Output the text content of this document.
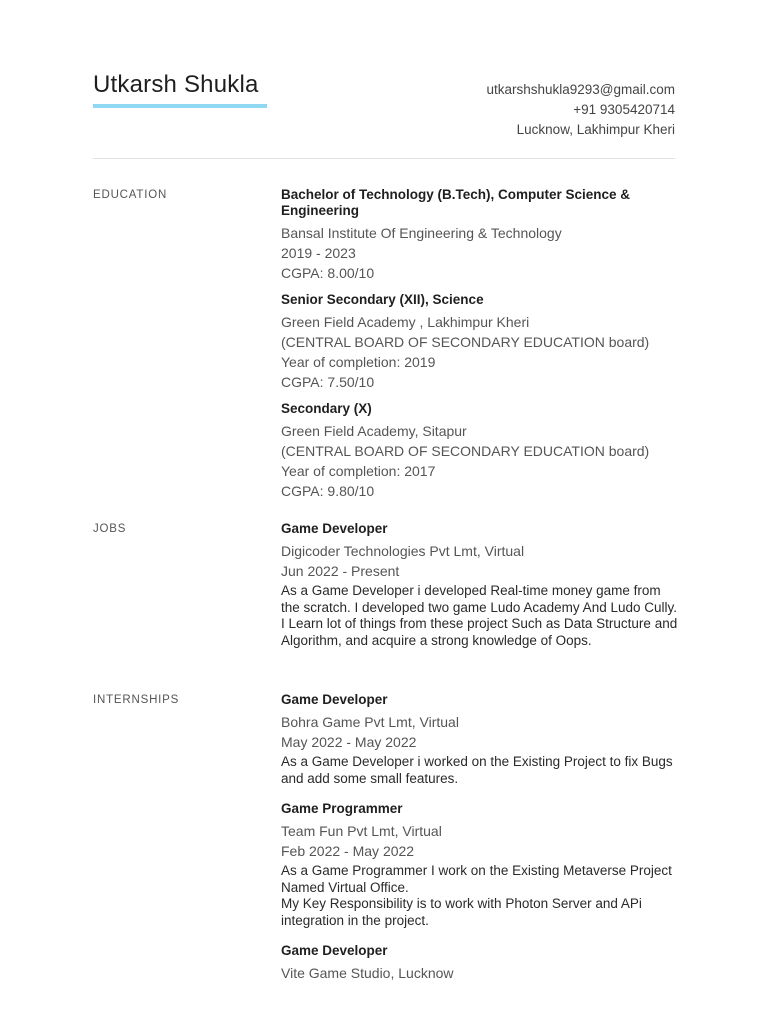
Utkarsh Shukla	utkarshshukla9293@gmail.com
+91 9305420714
Lucknow, Lakhimpur Kheri
EDUCATION	Bachelor of Technology (B.Tech), Computer Science & Engineering
Bansal Institute Of Engineering & Technology
2019 - 2023
CGPA: 8.00/10
Senior Secondary (XII), Science
Green Field Academy , Lakhimpur Kheri
(CENTRAL BOARD OF SECONDARY EDUCATION board)
Year of completion: 2019
CGPA: 7.50/10
Secondary (X)
Green Field Academy, Sitapur
(CENTRAL BOARD OF SECONDARY EDUCATION board)
Year of completion: 2017
CGPA: 9.80/10
JOBS	Game Developer
Digicoder Technologies Pvt Lmt, Virtual
Jun 2022 - Present
As a Game Developer i developed Real-time money game from the scratch. I developed two game Ludo Academy And Ludo Cully.
I Learn lot of things from these project Such as Data Structure and Algorithm, and acquire a strong knowledge of Oops.
INTERNSHIPS	Game Developer
Bohra Game Pvt Lmt, Virtual
May 2022 - May 2022
As a Game Developer i worked on the Existing Project to fix Bugs and add some small features.
Game Programmer
Team Fun Pvt Lmt, Virtual
Feb 2022 - May 2022
As a Game Programmer I work on the Existing Metaverse Project Named Virtual Office.
My Key Responsibility is to work with Photon Server and APi integration in the project.
Game Developer
Vite Game Studio, Lucknow
